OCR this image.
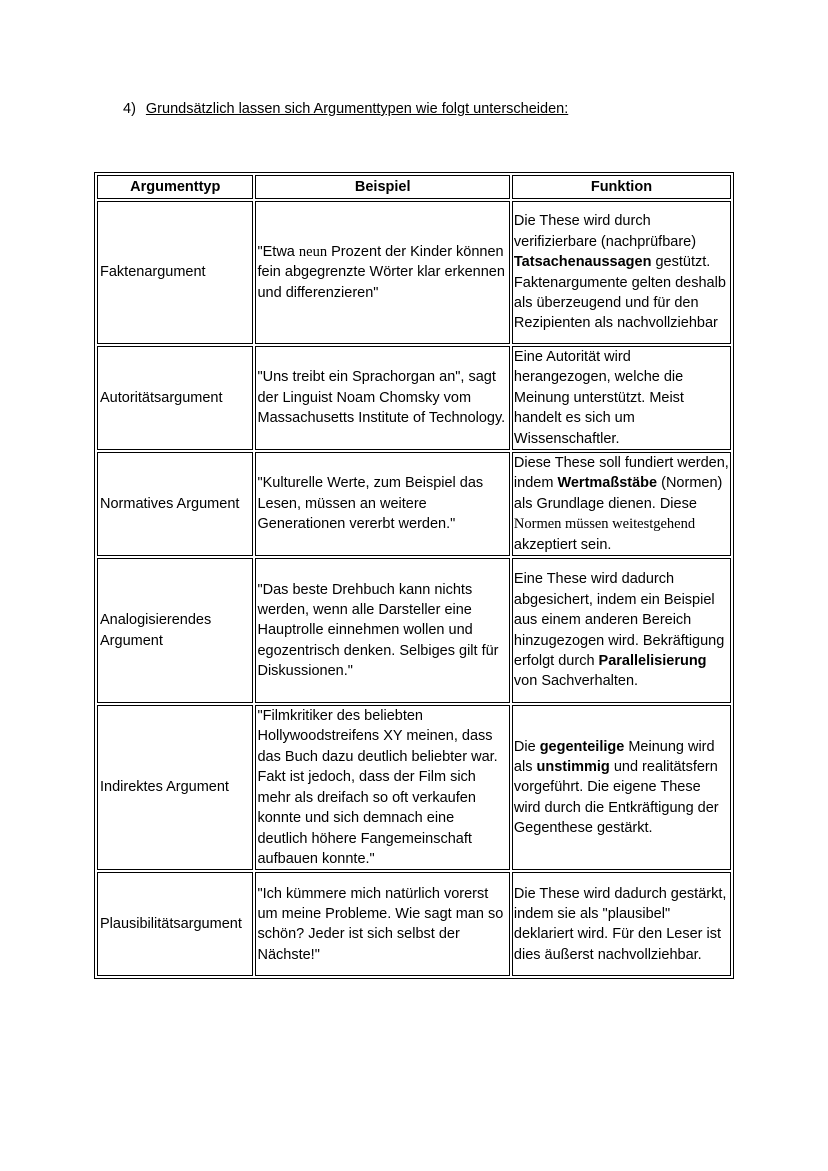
4) Grundsätzlich lassen sich Argumenttypen wie folgt unterscheiden:
Argumenttyp	Beispiel	Funktion
Faktenargument	"Etwa neun Prozent der Kinder können fein abgegrenzte Wörter klar erkennen und differenzieren"	Die These wird durch verifizierbare (nachprüfbare) Tatsachenaussagen gestützt. Faktenargumente gelten deshalb als überzeugend und für den Rezipienten als nachvollziehbar
Autoritätsargument	"Uns treibt ein Sprachorgan an", sagt der Linguist Noam Chomsky vom Massachusetts Institute of Technology.	Eine Autorität wird herangezogen, welche die Meinung unterstützt. Meist handelt es sich um Wissenschaftler.
Normatives Argument	"Kulturelle Werte, zum Beispiel das Lesen, müssen an weitere Generationen vererbt werden."	Diese These soll fundiert werden, indem Wertmaßstäbe (Normen) als Grundlage dienen. Diese Normen müssen weitestgehend akzeptiert sein.
Analogisierendes Argument	"Das beste Drehbuch kann nichts werden, wenn alle Darsteller eine Hauptrolle einnehmen wollen und egozentrisch denken. Selbiges gilt für Diskussionen."	Eine These wird dadurch abgesichert, indem ein Beispiel aus einem anderen Bereich hinzugezogen wird. Bekräftigung erfolgt durch Parallelisierung von Sachverhalten.
Indirektes Argument	"Filmkritiker des beliebten Hollywoodstreifens XY meinen, dass das Buch dazu deutlich beliebter war. Fakt ist jedoch, dass der Film sich mehr als dreifach so oft verkaufen konnte und sich demnach eine deutlich höhere Fangemeinschaft aufbauen konnte."	Die gegenteilige Meinung wird als unstimmig und realitätsfern vorgeführt. Die eigene These wird durch die Entkräftigung der Gegenthese gestärkt.
Plausibilitätsargument	"Ich kümmere mich natürlich vorerst um meine Probleme. Wie sagt man so schön? Jeder ist sich selbst der Nächste!"	Die These wird dadurch gestärkt, indem sie als "plausibel" deklariert wird. Für den Leser ist dies äußerst nachvollziehbar.
